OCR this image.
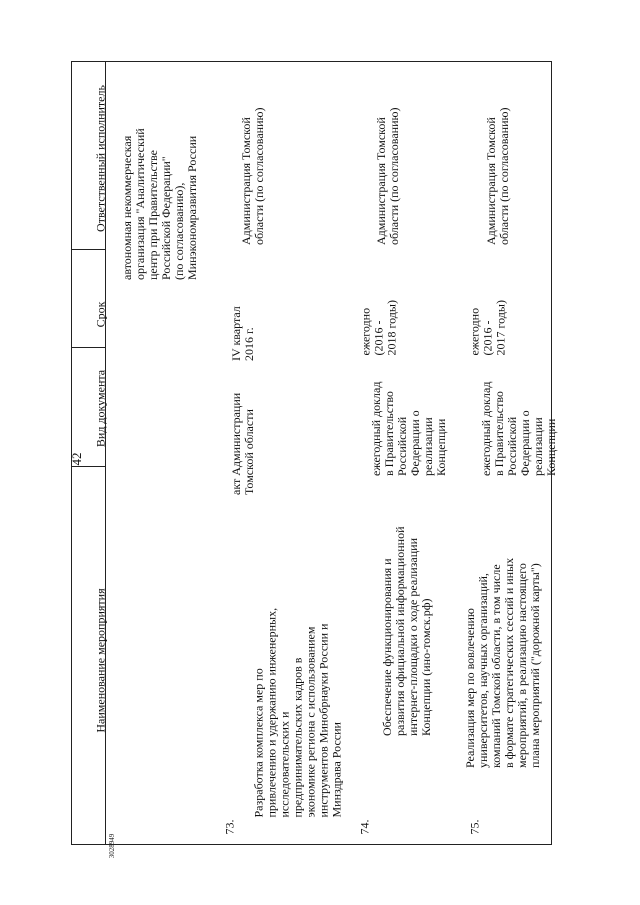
42
3028949
Наименование мероприятия
Вид документа
Срок
Ответственный исполнитель
автономная некоммерческая
организация "Аналитический
центр при Правительстве
Российской Федерации"
(по согласованию),
Минэкономразвития России
73.
Разработка комплекса мер по
привлечению и удержанию инженерных,
исследовательских и
предпринимательских кадров в
экономике региона с использованием
инструментов Минобрнауки России и
Минздрава России
акт Администрации
Томской области
IV квартал
2016 г.
Администрация Томской
области (по согласованию)
74.
Обеспечение функционирования и
развития официальной информационной
интернет-площадки о ходе реализации
Концепции (ино-томск.рф)
ежегодный доклад
в Правительство
Российской
Федерации о
реализации
Концепции
ежегодно
(2016 -
2018 годы)
Администрация Томской
области (по согласованию)
75.
Реализация мер по вовлечению
университетов, научных организаций,
компаний Томской области, в том числе
в формате стратегических сессий и иных
мероприятий, в реализацию настоящего
плана мероприятий ("дорожной карты")
ежегодный доклад
в Правительство
Российской
Федерации о
реализации
Концепции
ежегодно
(2016 -
2017 годы)
Администрация Томской
области (по согласованию)
